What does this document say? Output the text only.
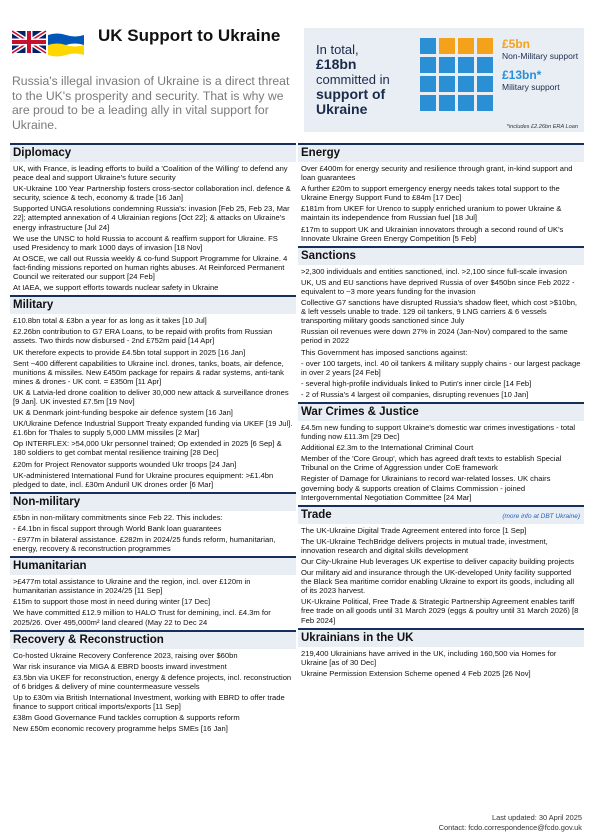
UK Support to Ukraine
Russia's illegal invasion of Ukraine is a direct threat to the UK's prosperity and security. That is why we are proud to be a leading ally in vital support for Ukraine.
In total,
£18bn
committed in
support of Ukraine
£5bn
Non-Military support
£13bn*
Military support
*includes £2.26bn ERA Loan
Diplomacy
UK, with France, is leading efforts to build a 'Coalition of the Willing' to defend any peace deal and support Ukraine's future security
UK-Ukraine 100 Year Partnership fosters cross-sector collaboration incl. defence & security, science & tech, economy & trade [16 Jan]
Supported UNGA resolutions condemning Russia's: invasion [Feb 25, Feb 23, Mar 22]; attempted annexation of 4 Ukrainian regions [Oct 22]; & attacks on Ukraine's energy infrastructure [Jul 24]
We use the UNSC to hold Russia to account & reaffirm support for Ukraine. FS used Presidency to mark 1000 days of invasion [18 Nov]
At OSCE, we call out Russia weekly & co-fund Support Programme for Ukraine. 4 fact-finding missions reported on human rights abuses. At Reinforced Permanent Council we reiterated our support [24 Feb]
At IAEA, we support efforts towards nuclear safety in Ukraine
Military
£10.8bn total & £3bn a year for as long as it takes [10 Jul]
£2.26bn contribution to G7 ERA Loans, to be repaid with profits from Russian assets. Two thirds now disbursed - 2nd £752m paid [14 Apr]
UK therefore expects to provide £4.5bn total support in 2025 [16 Jan]
Sent ~400 different capabilities to Ukraine incl. drones, tanks, boats, air defence, munitions & missiles. New £450m package for repairs & radar systems, anti-tank mines & drones - UK cont. = £350m [11 Apr]
UK & Latvia-led drone coalition to deliver 30,000 new attack & surveillance drones [9 Jan]. UK invested £7.5m [19 Nov]
UK & Denmark joint-funding bespoke air defence system [16 Jan]
UK/Ukraine Defence Industrial Support Treaty expanded funding via UKEF [19 Jul]. £1.6bn for Thales to supply 5,000 LMM missiles [2 Mar]
Op INTERFLEX: >54,000 Ukr personnel trained; Op extended in 2025 [6 Sep] & 180 soldiers to get combat mental resilience training [28 Dec]
£20m for Project Renovator supports wounded Ukr troops [24 Jan]
UK-administered International Fund for Ukraine procures equipment: >£1.4bn pledged to date, incl. £30m Anduril UK drones order [6 Mar]
Non-military
£5bn in non-military commitments since Feb 22. This includes:
- £4.1bn in fiscal support through World Bank loan guarantees
- £977m in bilateral assistance. £282m in 2024/25 funds reform, humanitarian, energy, recovery & reconstruction programmes
Humanitarian
>£477m total assistance to Ukraine and the region, incl. over £120m in humanitarian assistance in 2024/25 [11 Sep]
£15m to support those most in need during winter [17 Dec]
We have committed £12.9 million to HALO Trust for demining, incl. £4.3m for 2025/26. Over 495,000m² land cleared (May 22 to Dec 24
Recovery & Reconstruction
Co-hosted Ukraine Recovery Conference 2023, raising over $60bn
War risk insurance via MIGA & EBRD boosts inward investment
£3.5bn via UKEF for reconstruction, energy & defence projects, incl. reconstruction of 6 bridges & delivery of mine countermeasure vessels
Up to £30m via British International Investment, working with EBRD to offer trade finance to support critical imports/exports [11 Sep]
£38m Good Governance Fund tackles corruption & supports reform
New £50m economic recovery programme helps SMEs [16 Jan]
Energy
Over £400m for energy security and resilience through grant, in-kind support and loan guarantees
A further £20m to support emergency energy needs takes total support to the Ukraine Energy Support Fund to £84m [17 Dec]
£181m from UKEF for Urenco to supply enriched uranium to power Ukraine & maintain its independence from Russian fuel [18 Jul]
£17m to support UK and Ukrainian innovators through a second round of UK's Innovate Ukraine Green Energy Competition [5 Feb]
Sanctions
>2,300 individuals and entities sanctioned, incl. >2,100 since full-scale invasion
UK, US and EU sanctions have deprived Russia of over $450bn since Feb 2022 - equivalent to ~3 more years funding for the invasion
Collective G7 sanctions have disrupted Russia's shadow fleet, which cost >$10bn, & left vessels unable to trade. 129 oil tankers, 9 LNG carriers & 6 vessels transporting military goods sanctioned since July
Russian oil revenues were down 27% in 2024 (Jan-Nov) compared to the same period in 2022
This Government has imposed sanctions against:
- over 100 targets, incl. 40 oil tankers & military supply chains - our largest package in over 2 years [24 Feb]
- several high-profile individuals linked to Putin's inner circle [14 Feb]
- 2 of Russia's 4 largest oil companies, disrupting revenues [10 Jan]
War Crimes & Justice
£4.5m new funding to support Ukraine's domestic war crimes investigations - total funding now £11.3m [29 Dec]
Additional £2.3m to the International Criminal Court
Member of the 'Core Group', which has agreed draft texts to establish Special Tribunal on the Crime of Aggression under CoE framework
Register of Damage for Ukrainians to record war-related losses. UK chairs governing body & supports creation of Claims Commission - joined Intergovernmental Negotiation Committee [24 Mar]
Trade	(more info at DBT Ukraine)
The UK-Ukraine Digital Trade Agreement entered into force [1 Sep]
The UK-Ukraine TechBridge delivers projects in mutual trade, investment, innovation research and digital skills development
Our City-Ukraine Hub leverages UK expertise to deliver capacity building projects
Our military aid and insurance through the UK-developed Unity facility supported the Black Sea maritime corridor enabling Ukraine to export its goods, including all of its 2023 harvest.
UK-Ukraine Political, Free Trade & Strategic Partnership Agreement enables tariff free trade on all goods until 31 March 2029 (eggs & poultry until 31 March 2026) [8 Feb 2024]
Ukrainians in the UK
219,400 Ukrainians have arrived in the UK, including 160,500 via Homes for Ukraine [as of 30 Dec]
Ukraine Permission Extension Scheme opened 4 Feb 2025 [26 Nov]
Last updated: 30 April 2025
Contact: fcdo.correspondence@fcdo.gov.uk
